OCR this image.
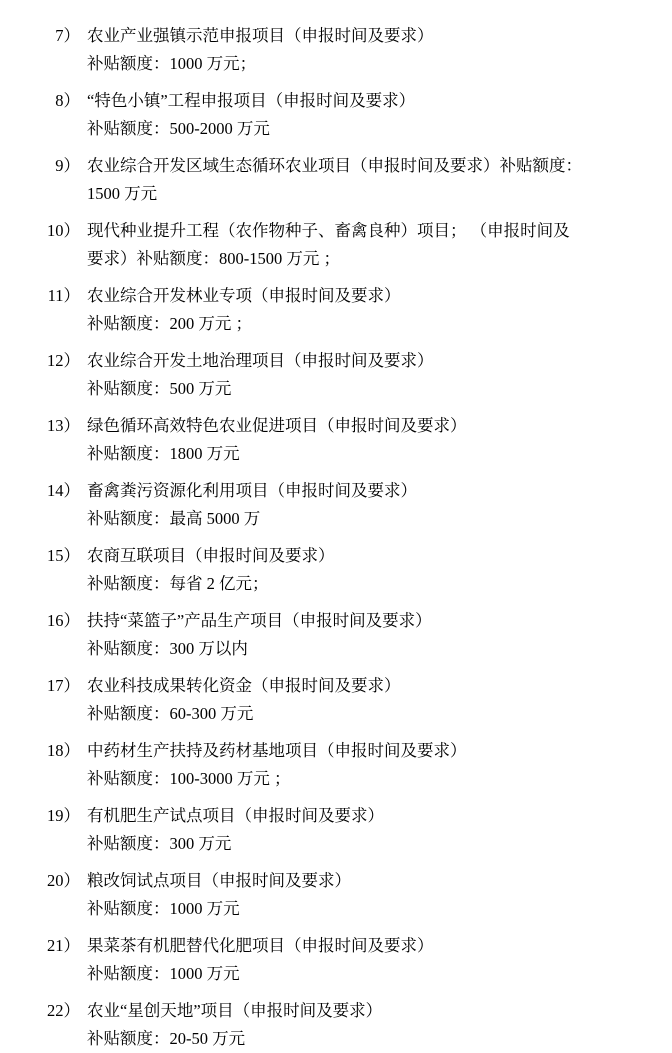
7） 农业产业强镇示范申报项目（申报时间及要求）
补贴额度：1000 万元；
8） “特色小镇”工程申报项目（申报时间及要求）
补贴额度：500-2000 万元
9） 农业综合开发区域生态循环农业项目（申报时间及要求）补贴额度：
1500 万元
10） 现代种业提升工程（农作物种子、畜禽良种）项目； （申报时间及
要求）补贴额度：800-1500 万元 ；
11） 农业综合开发林业专项（申报时间及要求）
补贴额度：200 万元 ；
12） 农业综合开发土地治理项目（申报时间及要求）
补贴额度：500 万元
13） 绿色循环高效特色农业促进项目（申报时间及要求）
补贴额度：1800 万元
14） 畜禽粪污资源化利用项目（申报时间及要求）
补贴额度：最高 5000 万
15） 农商互联项目（申报时间及要求）
补贴额度：每省 2 亿元；
16） 扶持“菜篮子”产品生产项目（申报时间及要求）
补贴额度：300 万以内
17） 农业科技成果转化资金（申报时间及要求）
补贴额度：60-300 万元
18） 中药材生产扶持及药材基地项目（申报时间及要求）
补贴额度：100-3000 万元 ；
19） 有机肥生产试点项目（申报时间及要求）
补贴额度：300 万元
20） 粮改饲试点项目（申报时间及要求）
补贴额度：1000 万元
21） 果菜茶有机肥替代化肥项目（申报时间及要求）
补贴额度：1000 万元
22） 农业“星创天地”项目（申报时间及要求）
补贴额度：20-50 万元
